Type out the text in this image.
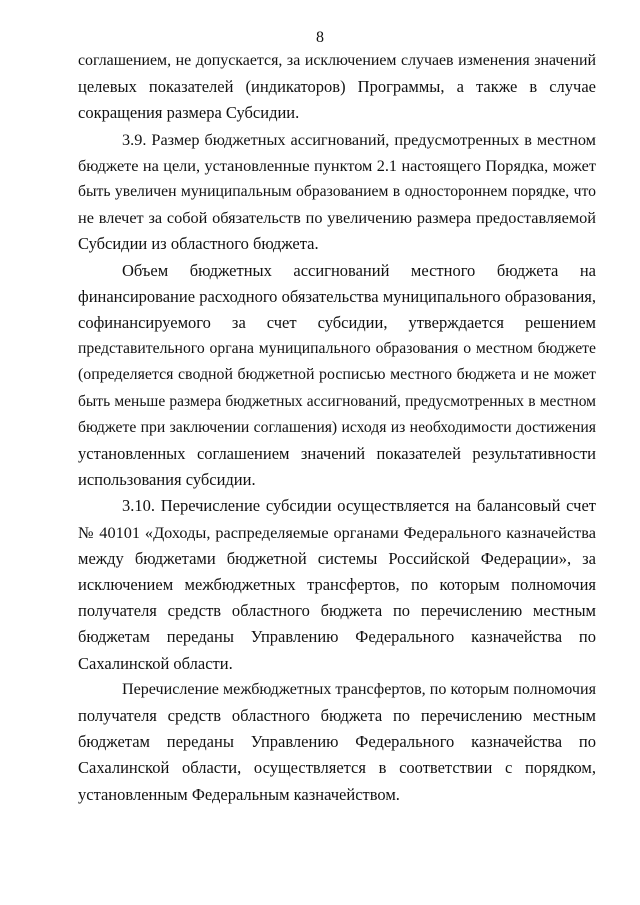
8
соглашением, не допускается, за исключением случаев изменения значений
целевых показателей (индикаторов) Программы, а также в случае
сокращения размера Субсидии.
3.9. Размер бюджетных ассигнований, предусмотренных в местном
бюджете на цели, установленные пунктом 2.1 настоящего Порядка, может
быть увеличен муниципальным образованием в одностороннем порядке, что
не влечет за собой обязательств по увеличению размера предоставляемой
Субсидии из областного бюджета.
Объем бюджетных ассигнований местного бюджета на
финансирование расходного обязательства муниципального образования,
софинансируемого за счет субсидии, утверждается решением
представительного органа муниципального образования о местном бюджете
(определяется сводной бюджетной росписью местного бюджета и не может
быть меньше размера бюджетных ассигнований, предусмотренных в местном
бюджете при заключении соглашения) исходя из необходимости достижения
установленных соглашением значений показателей результативности
использования субсидии.
3.10. Перечисление субсидии осуществляется на балансовый счет
№ 40101 «Доходы, распределяемые органами Федерального казначейства
между бюджетами бюджетной системы Российской Федерации», за
исключением межбюджетных трансфертов, по которым полномочия
получателя средств областного бюджета по перечислению местным
бюджетам переданы Управлению Федерального казначейства по
Сахалинской области.
Перечисление межбюджетных трансфертов, по которым полномочия
получателя средств областного бюджета по перечислению местным
бюджетам переданы Управлению Федерального казначейства по
Сахалинской области, осуществляется в соответствии с порядком,
установленным Федеральным казначейством.
